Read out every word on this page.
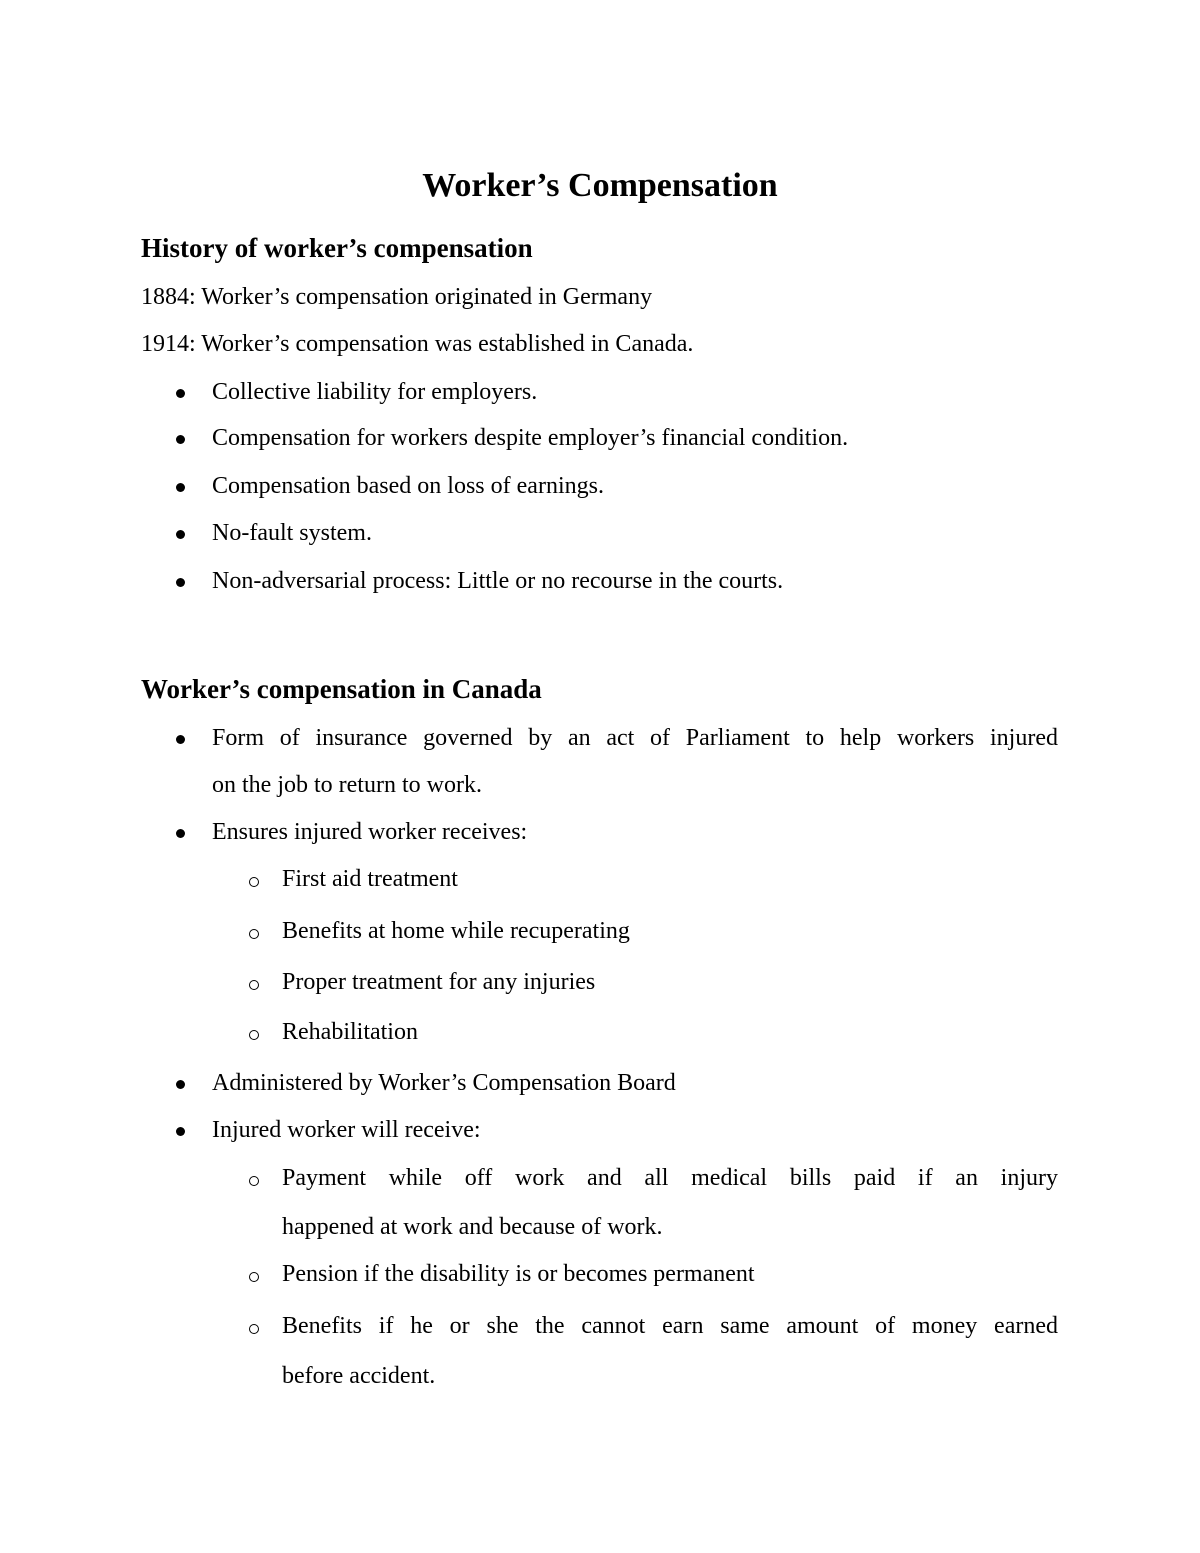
Worker’s Compensation
History of worker’s compensation

1884: Worker’s compensation originated in Germany

1914: Worker’s compensation was established in Canada.

Collective liability for employers.

Compensation for workers despite employer’s financial condition.

Compensation based on loss of earnings.

No-fault system.

Non-adversarial process: Little or no recourse in the courts.

Worker’s compensation in Canada

Form of insurance governed by an act of Parliament to help workers injured

on the job to return to work.

Ensures injured worker receives:

First aid treatment

Benefits at home while recuperating

Proper treatment for any injuries

Rehabilitation

Administered by Worker’s Compensation Board

Injured worker will receive:

Payment while off work and all medical bills paid if an injury

happened at work and because of work.

Pension if the disability is or becomes permanent

Benefits if he or she the cannot earn same amount of money earned

before accident.
